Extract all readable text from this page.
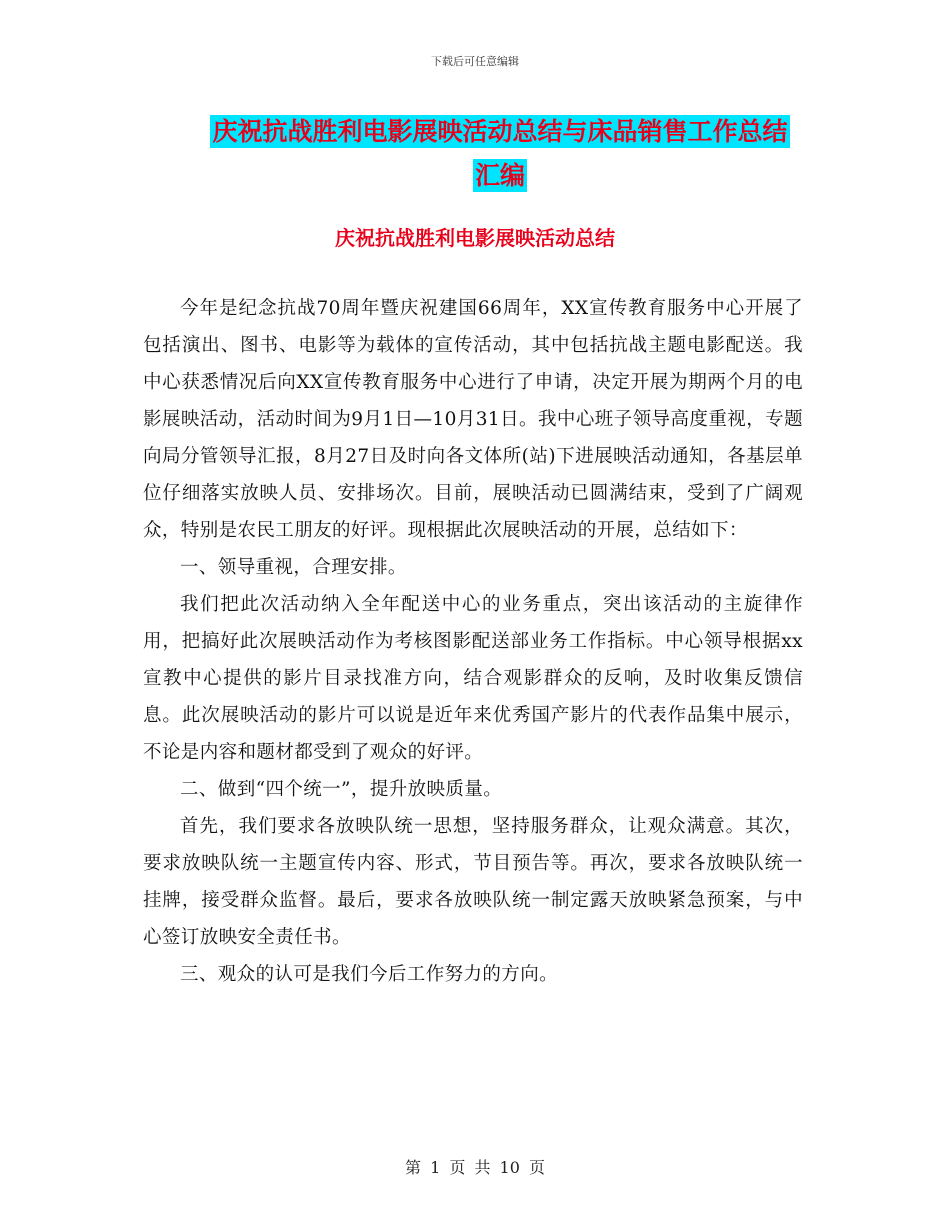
下载后可任意编辑
庆祝抗战胜利电影展映活动总结与床品销售工作总结
汇编
庆祝抗战胜利电影展映活动总结

今年是纪念抗战70周年暨庆祝建国66周年，XX宣传教育服务中心开展了包括演出、图书、电影等为载体的宣传活动，其中包括抗战主题电影配送。我中心获悉情况后向XX宣传教育服务中心进行了申请，决定开展为期两个月的电影展映活动，活动时间为9月1日—10月31日。我中心班子领导高度重视，专题向局分管领导汇报，8月27日及时向各文体所(站)下进展映活动通知，各基层单位仔细落实放映人员、安排场次。目前，展映活动已圆满结束，受到了广阔观众，特别是农民工朋友的好评。现根据此次展映活动的开展，总结如下：

一、领导重视，合理安排。

我们把此次活动纳入全年配送中心的业务重点，突出该活动的主旋律作用，把搞好此次展映活动作为考核图影配送部业务工作指标。中心领导根据xx宣教中心提供的影片目录找准方向，结合观影群众的反响，及时收集反馈信息。此次展映活动的影片可以说是近年来优秀国产影片的代表作品集中展示，不论是内容和题材都受到了观众的好评。

二、做到“四个统一”，提升放映质量。

首先，我们要求各放映队统一思想，坚持服务群众，让观众满意。其次，要求放映队统一主题宣传内容、形式，节目预告等。再次，要求各放映队统一挂牌，接受群众监督。最后，要求各放映队统一制定露天放映紧急预案，与中心签订放映安全责任书。

三、观众的认可是我们今后工作努力的方向。

第 1 页 共 10 页
